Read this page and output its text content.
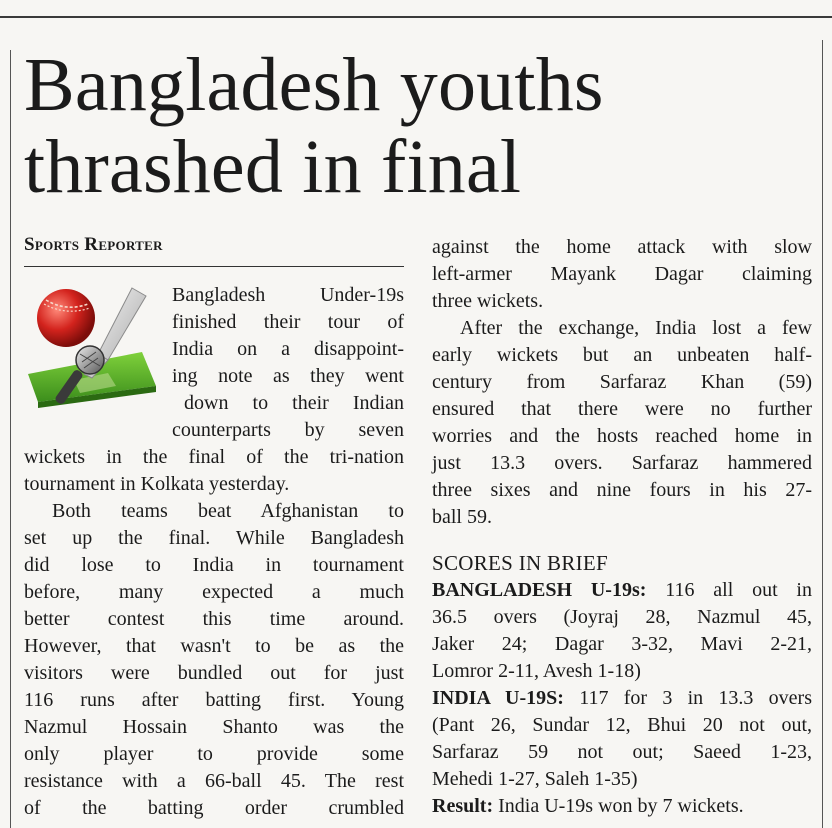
Bangladesh youths
thrashed in final
Sports Reporter
Bangladesh Under-19s
finished their tour of
India on a disappoint-
ing note as they went
down to their Indian
counterparts by seven
wickets in the final of the tri-nation
tournament in Kolkata yesterday.
Both teams beat Afghanistan to
set up the final. While Bangladesh
did lose to India in tournament
before, many expected a much
better contest this time around.
However, that wasn't to be as the
visitors were bundled out for just
116 runs after batting first. Young
Nazmul Hossain Shanto was the
only player to provide some
resistance with a 66-ball 45. The rest
of the batting order crumbled
against the home attack with slow
left-armer Mayank Dagar claiming
three wickets.
After the exchange, India lost a few
early wickets but an unbeaten half-
century from Sarfaraz Khan (59)
ensured that there were no further
worries and the hosts reached home in
just 13.3 overs. Sarfaraz hammered
three sixes and nine fours in his 27-
ball 59.
SCORES IN BRIEF
BANGLADESH U-19s: 116 all out in
36.5 overs (Joyraj 28, Nazmul 45,
Jaker 24; Dagar 3-32, Mavi 2-21,
Lomror 2-11, Avesh 1-18)
INDIA U-19S: 117 for 3 in 13.3 overs
(Pant 26, Sundar 12, Bhui 20 not out,
Sarfaraz 59 not out; Saeed 1-23,
Mehedi 1-27, Saleh 1-35)
Result: India U-19s won by 7 wickets.
